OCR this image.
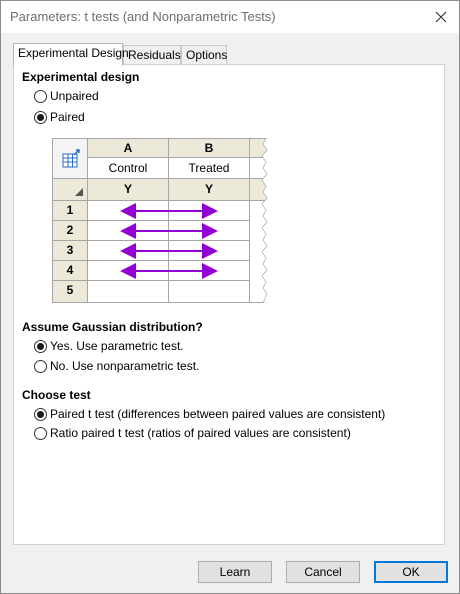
Parameters: t tests (and Nonparametric Tests)
Experimental Design Residuals Options
Experimental design
Unpaired
Paired
A
Control
Y
B
Treated
Y
1
2
3
4
5
Assume Gaussian distribution?
Yes. Use parametric test.
No. Use nonparametric test.
Choose test
Paired t test (differences between paired values are consistent)
Ratio paired t test (ratios of paired values are consistent)
Learn	Cancel	OK
